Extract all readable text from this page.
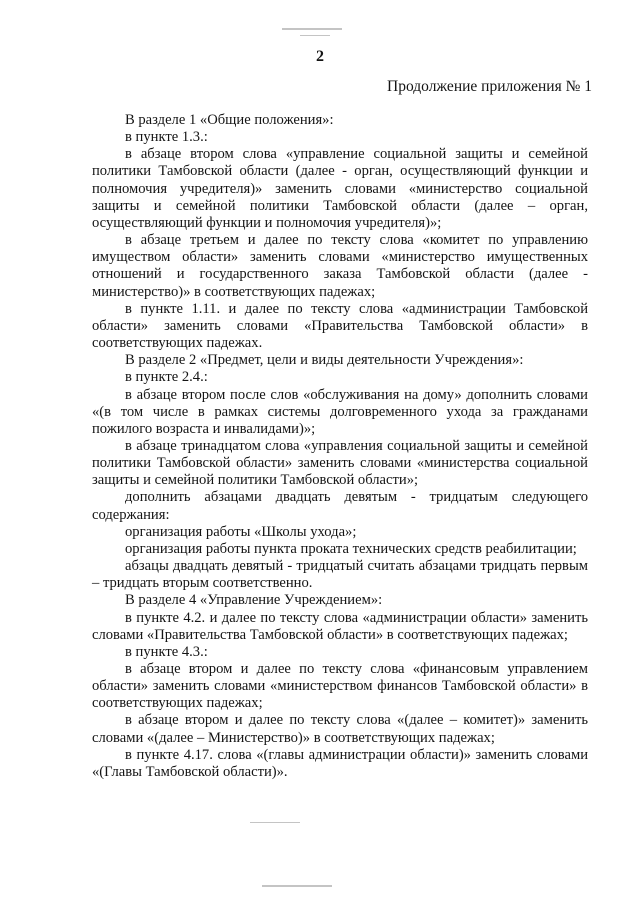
2
Продолжение приложения № 1

В разделе 1 «Общие положения»:

в пункте 1.3.:

в абзаце втором слова «управление социальной защиты и семейной политики Тамбовской области (далее - орган, осуществляющий функции и полномочия учредителя)» заменить словами «министерство социальной защиты и семейной политики Тамбовской области (далее – орган, осуществляющий функции и полномочия учредителя)»;

в абзаце третьем и далее по тексту слова «комитет по управлению имуществом области» заменить словами «министерство имущественных отношений и государственного заказа Тамбовской области (далее - министерство)» в соответствующих падежах;

в пункте 1.11. и далее по тексту слова «администрации Тамбовской области» заменить словами «Правительства Тамбовской области» в соответствующих падежах.

В разделе 2 «Предмет, цели и виды деятельности Учреждения»:

в пункте 2.4.:

в абзаце втором после слов «обслуживания на дому» дополнить словами «(в том числе в рамках системы долговременного ухода за гражданами пожилого возраста и инвалидами)»;

в абзаце тринадцатом слова «управления социальной защиты и семейной политики Тамбовской области» заменить словами «министерства социальной защиты и семейной политики Тамбовской области»;

дополнить абзацами двадцать девятым - тридцатым следующего содержания:

организация работы «Школы ухода»;

организация работы пункта проката технических средств реабилитации;

абзацы двадцать девятый - тридцатый считать абзацами тридцать первым – тридцать вторым соответственно.

В разделе 4 «Управление Учреждением»:

в пункте 4.2. и далее по тексту слова «администрации области» заменить словами «Правительства Тамбовской области» в соответствующих падежах;

в пункте 4.3.:

в абзаце втором и далее по тексту слова «финансовым управлением области» заменить словами «министерством финансов Тамбовской области» в соответствующих падежах;

в абзаце втором и далее по тексту слова «(далее – комитет)» заменить словами «(далее – Министерство)» в соответствующих падежах;

в пункте 4.17. слова «(главы администрации области)» заменить словами «(Главы Тамбовской области)».
